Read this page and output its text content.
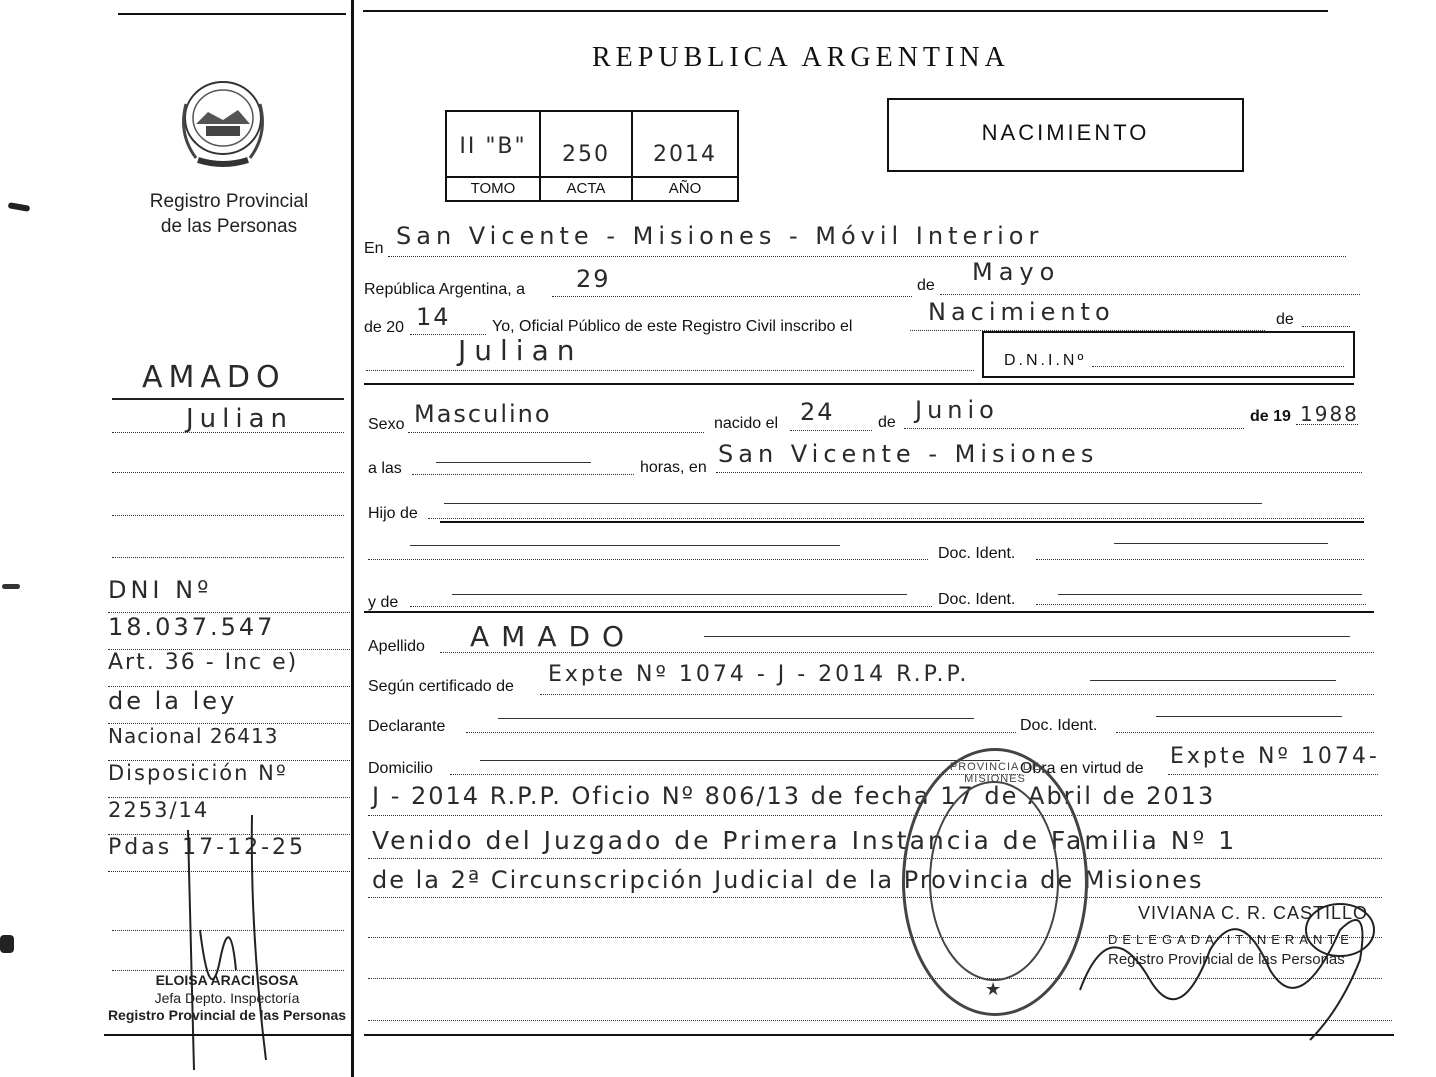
Registro Provincial
de las Personas
AMADO
Julian
DNI Nº
18.037.547
Art. 36 - Inc e)
de la ley
Nacional 26413
Disposición Nº
2253/14
Pdas 17-12-25
ELOISA ARACI SOSA
Jefa Depto. Inspectoría
Registro Provincial de las Personas
REPUBLICA ARGENTINA
II "B"	250	2014
TOMO	ACTA	AÑO
NACIMIENTO
En San Vicente - Misiones - Móvil Interior
República Argentina, a 29	de Mayo
de 20 14	Yo, Oficial Público de este Registro Civil inscribo el
Nacimiento	de
Julian	D.N.I.Nº
Sexo Masculino	nacido el 24	de Junio	de 19 1988
a las	horas, en San Vicente - Misiones
Hijo de
Doc. Ident.
y de	Doc. Ident.
Apellido AMADO
Según certificado de Expte Nº 1074 - J - 2014 R.P.P.
Declarante	Doc. Ident.
Domicilio	Obra en virtud de Expte Nº 1074-
J - 2014 R.P.P. Oficio Nº 806/13 de fecha 17 de Abril de 2013
Venido del Juzgado de Primera Instancia de Familia Nº 1
de la 2ª Circunscripción Judicial de la Provincia de Misiones
PROVINCIA DE MISIONES
★
VIVIANA C. R. CASTILLO
DELEGADA ITINERANTE
Registro Provincial de las Personas
